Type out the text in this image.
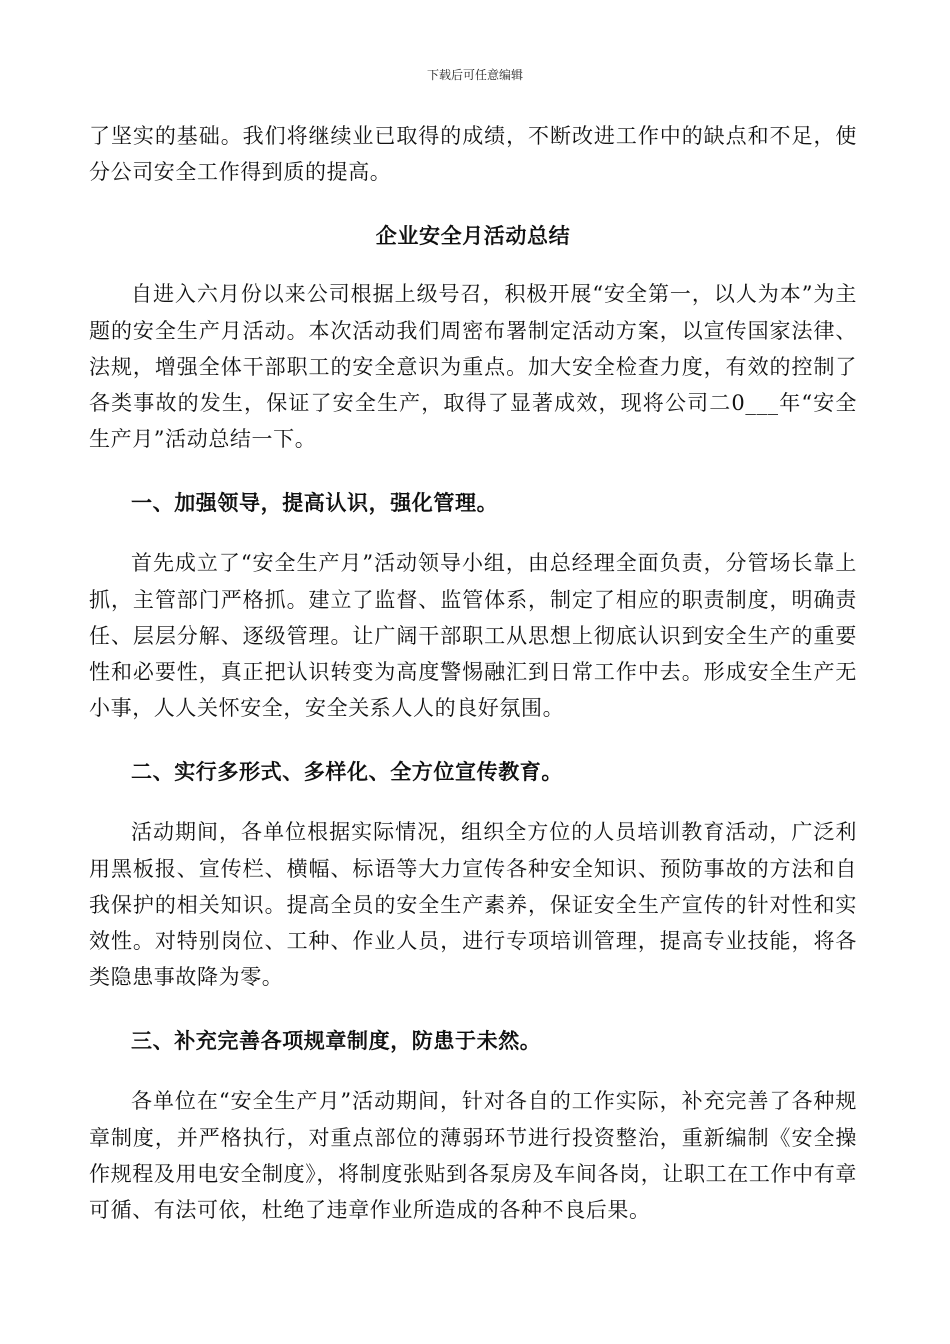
下载后可任意编辑

了坚实的基础。我们将继续业已取得的成绩，不断改进工作中的缺点和不足，使分公司安全工作得到质的提高。

企业安全月活动总结

自进入六月份以来公司根据上级号召，积极开展“安全第一，以人为本”为主题的安全生产月活动。本次活动我们周密布署制定活动方案，以宣传国家法律、法规，增强全体干部职工的安全意识为重点。加大安全检查力度，有效的控制了各类事故的发生，保证了安全生产，取得了显著成效，现将公司二0___年“安全生产月”活动总结一下。

一、加强领导，提高认识，强化管理。

首先成立了“安全生产月”活动领导小组，由总经理全面负责，分管场长靠上抓，主管部门严格抓。建立了监督、监管体系，制定了相应的职责制度，明确责任、层层分解、逐级管理。让广阔干部职工从思想上彻底认识到安全生产的重要性和必要性，真正把认识转变为高度警惕融汇到日常工作中去。形成安全生产无小事，人人关怀安全，安全关系人人的良好氛围。

二、实行多形式、多样化、全方位宣传教育。

活动期间，各单位根据实际情况，组织全方位的人员培训教育活动，广泛利用黑板报、宣传栏、横幅、标语等大力宣传各种安全知识、预防事故的方法和自我保护的相关知识。提高全员的安全生产素养，保证安全生产宣传的针对性和实效性。对特别岗位、工种、作业人员，进行专项培训管理，提高专业技能，将各类隐患事故降为零。

三、补充完善各项规章制度，防患于未然。

各单位在“安全生产月”活动期间，针对各自的工作实际，补充完善了各种规章制度，并严格执行，对重点部位的薄弱环节进行投资整治，重新编制《安全操作规程及用电安全制度》，将制度张贴到各泵房及车间各岗，让职工在工作中有章可循、有法可依，杜绝了违章作业所造成的各种不良后果。
